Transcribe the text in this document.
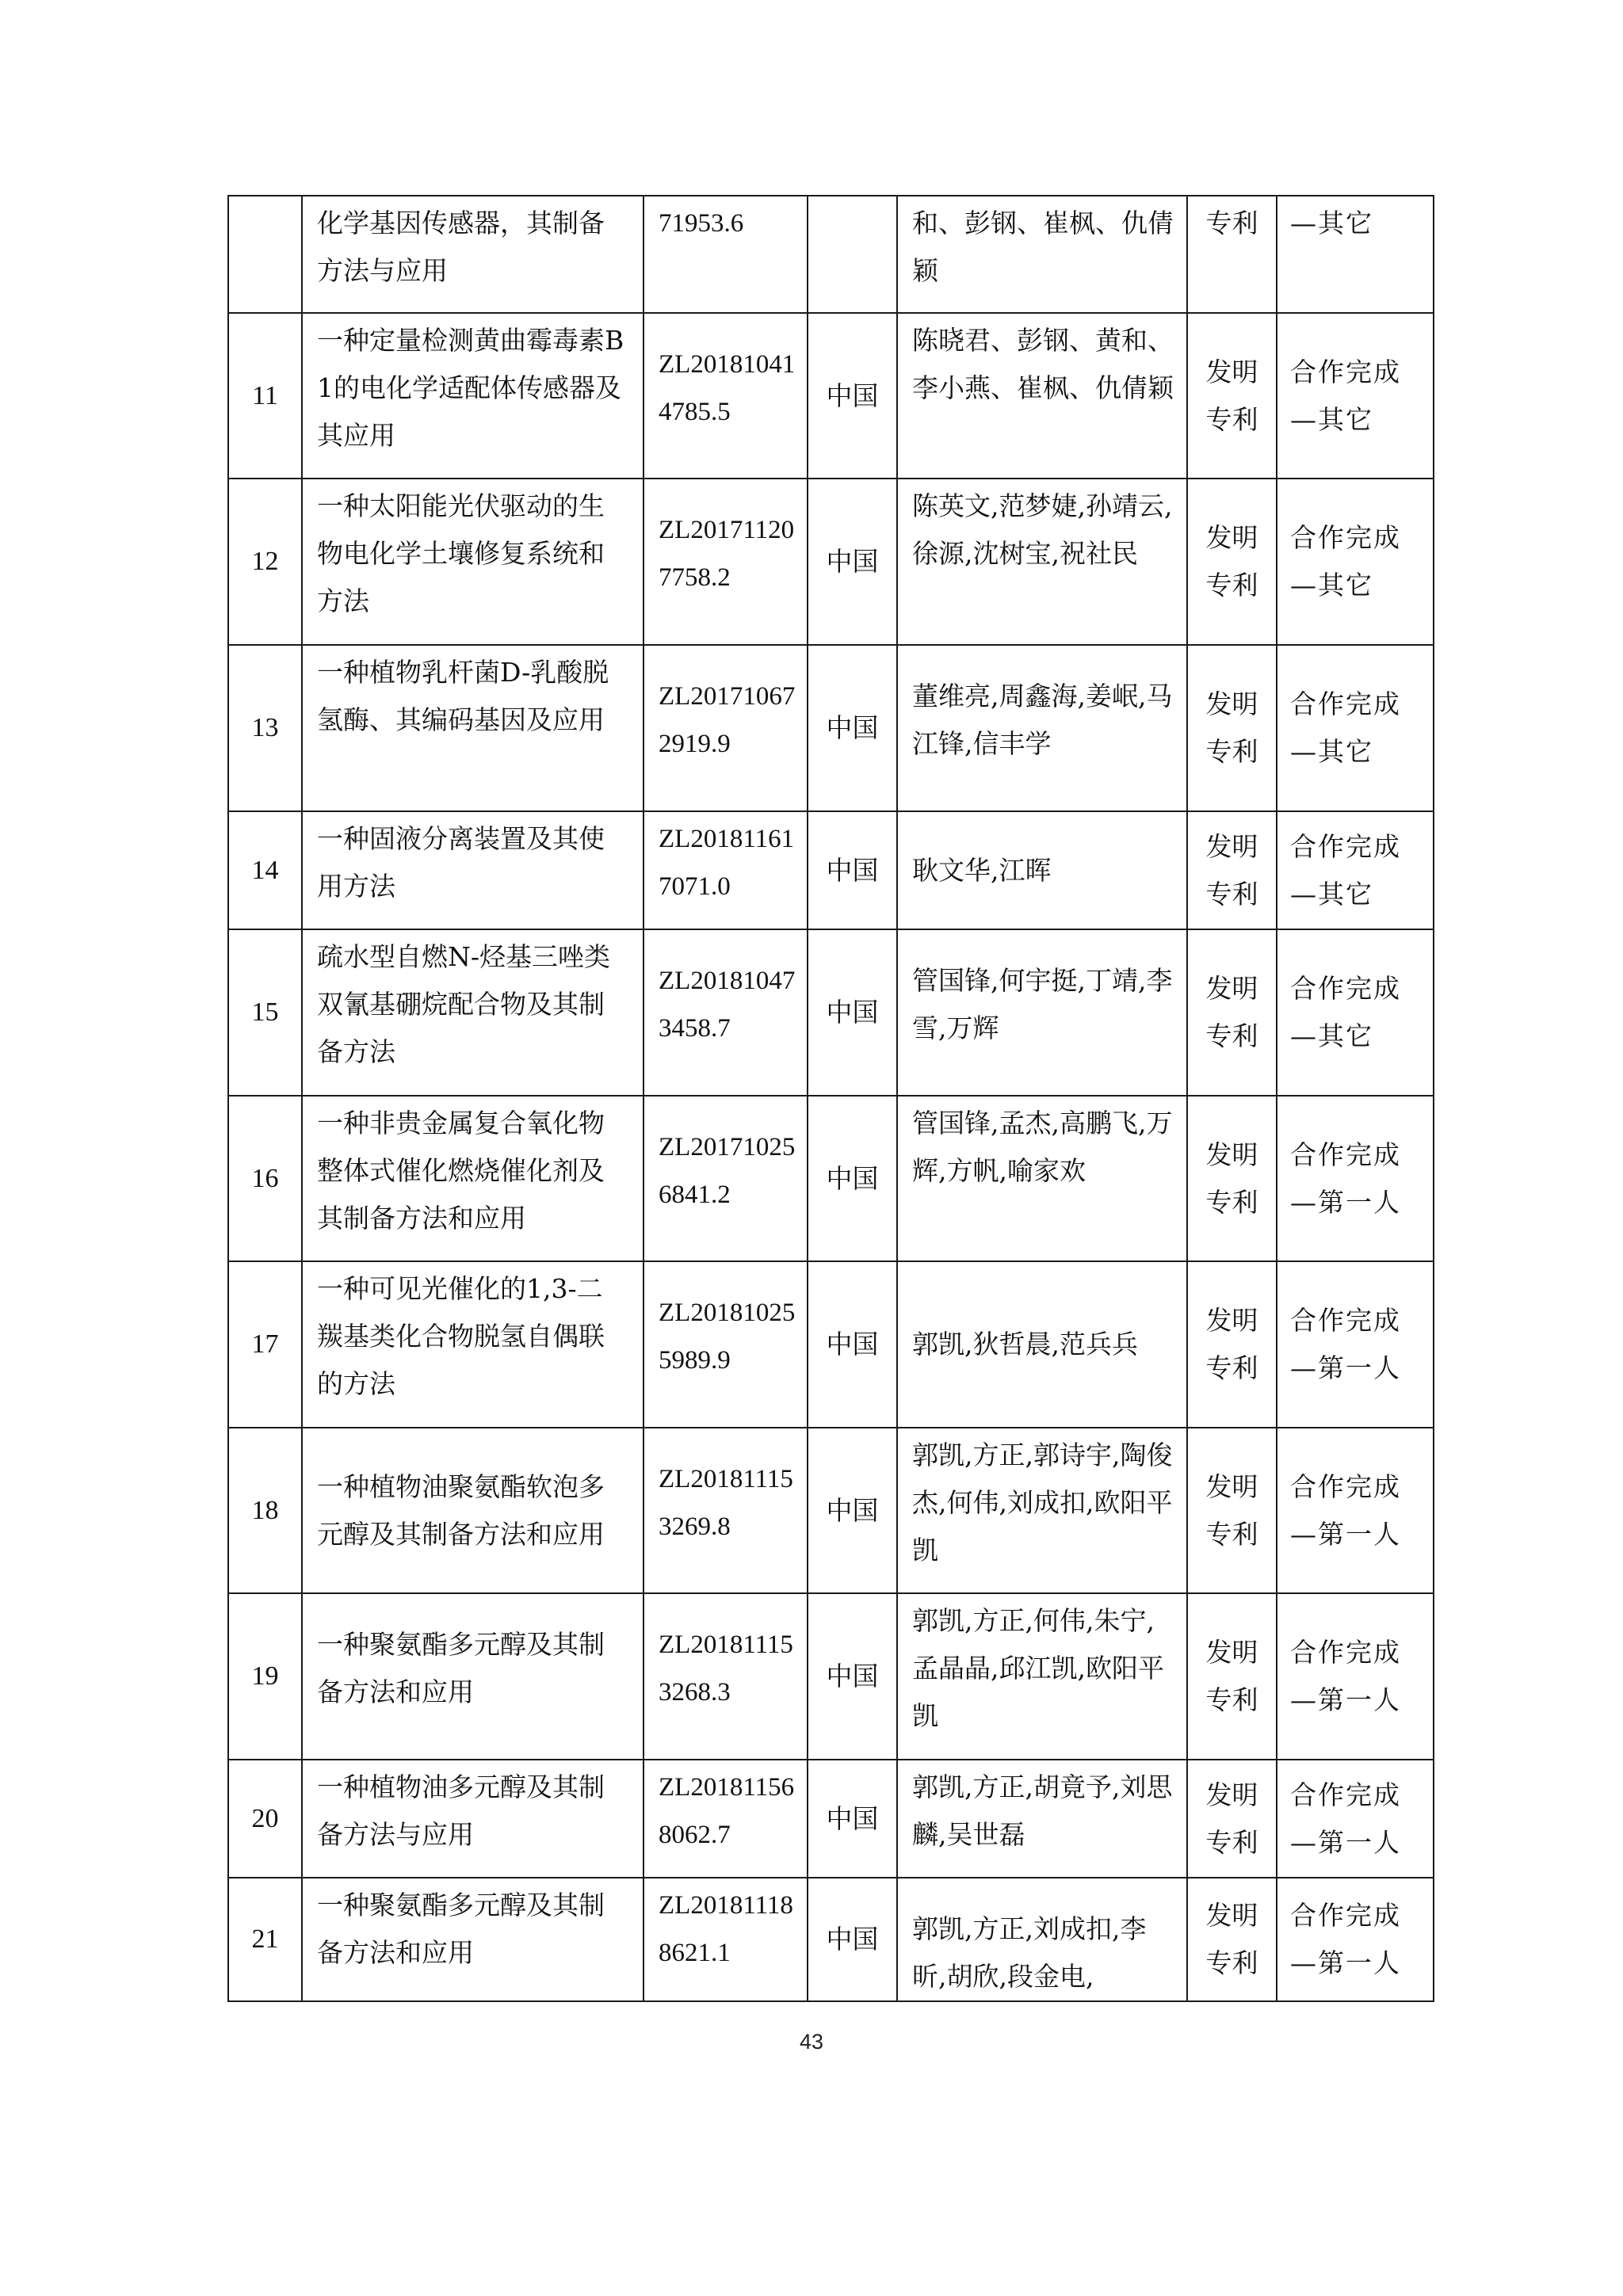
	化学基因传感器，其制备方法与应用	71953.6		和、彭钢、崔枫、仇倩颖	专利	—其它
11	一种定量检测黄曲霉毒素B1的电化学适配体传感器及其应用	ZL201810414785.5	中国	陈晓君、彭钢、黄和、李小燕、崔枫、仇倩颖	发明专利	合作完成—其它
12	一种太阳能光伏驱动的生物电化学土壤修复系统和方法	ZL201711207758.2	中国	陈英文,范梦婕,孙靖云,徐源,沈树宝,祝社民	发明专利	合作完成—其它
13	一种植物乳杆菌D-乳酸脱氢酶、其编码基因及应用	ZL201710672919.9	中国	董维亮,周鑫海,姜岷,马江锋,信丰学	发明专利	合作完成—其它
14	一种固液分离装置及其使用方法	ZL201811617071.0	中国	耿文华,江晖	发明专利	合作完成—其它
15	疏水型自燃N-烃基三唑类双氰基硼烷配合物及其制备方法	ZL201810473458.7	中国	管国锋,何宇挺,丁靖,李雪,万辉	发明专利	合作完成—其它
16	一种非贵金属复合氧化物整体式催化燃烧催化剂及其制备方法和应用	ZL201710256841.2	中国	管国锋,孟杰,高鹏飞,万辉,方帆,喻家欢	发明专利	合作完成—第一人
17	一种可见光催化的1,3-二羰基类化合物脱氢自偶联的方法	ZL201810255989.9	中国	郭凯,狄哲晨,范兵兵	发明专利	合作完成—第一人
18	一种植物油聚氨酯软泡多元醇及其制备方法和应用	ZL201811153269.8	中国	郭凯,方正,郭诗宇,陶俊杰,何伟,刘成扣,欧阳平凯	发明专利	合作完成—第一人
19	一种聚氨酯多元醇及其制备方法和应用	ZL201811153268.3	中国	郭凯,方正,何伟,朱宁,孟晶晶,邱江凯,欧阳平凯	发明专利	合作完成—第一人
20	一种植物油多元醇及其制备方法与应用	ZL201811568062.7	中国	郭凯,方正,胡竟予,刘思麟,吴世磊	发明专利	合作完成—第一人
21	一种聚氨酯多元醇及其制备方法和应用	ZL201811188621.1	中国	郭凯,方正,刘成扣,李昕,胡欣,段金电,	发明专利	合作完成—第一人
43
